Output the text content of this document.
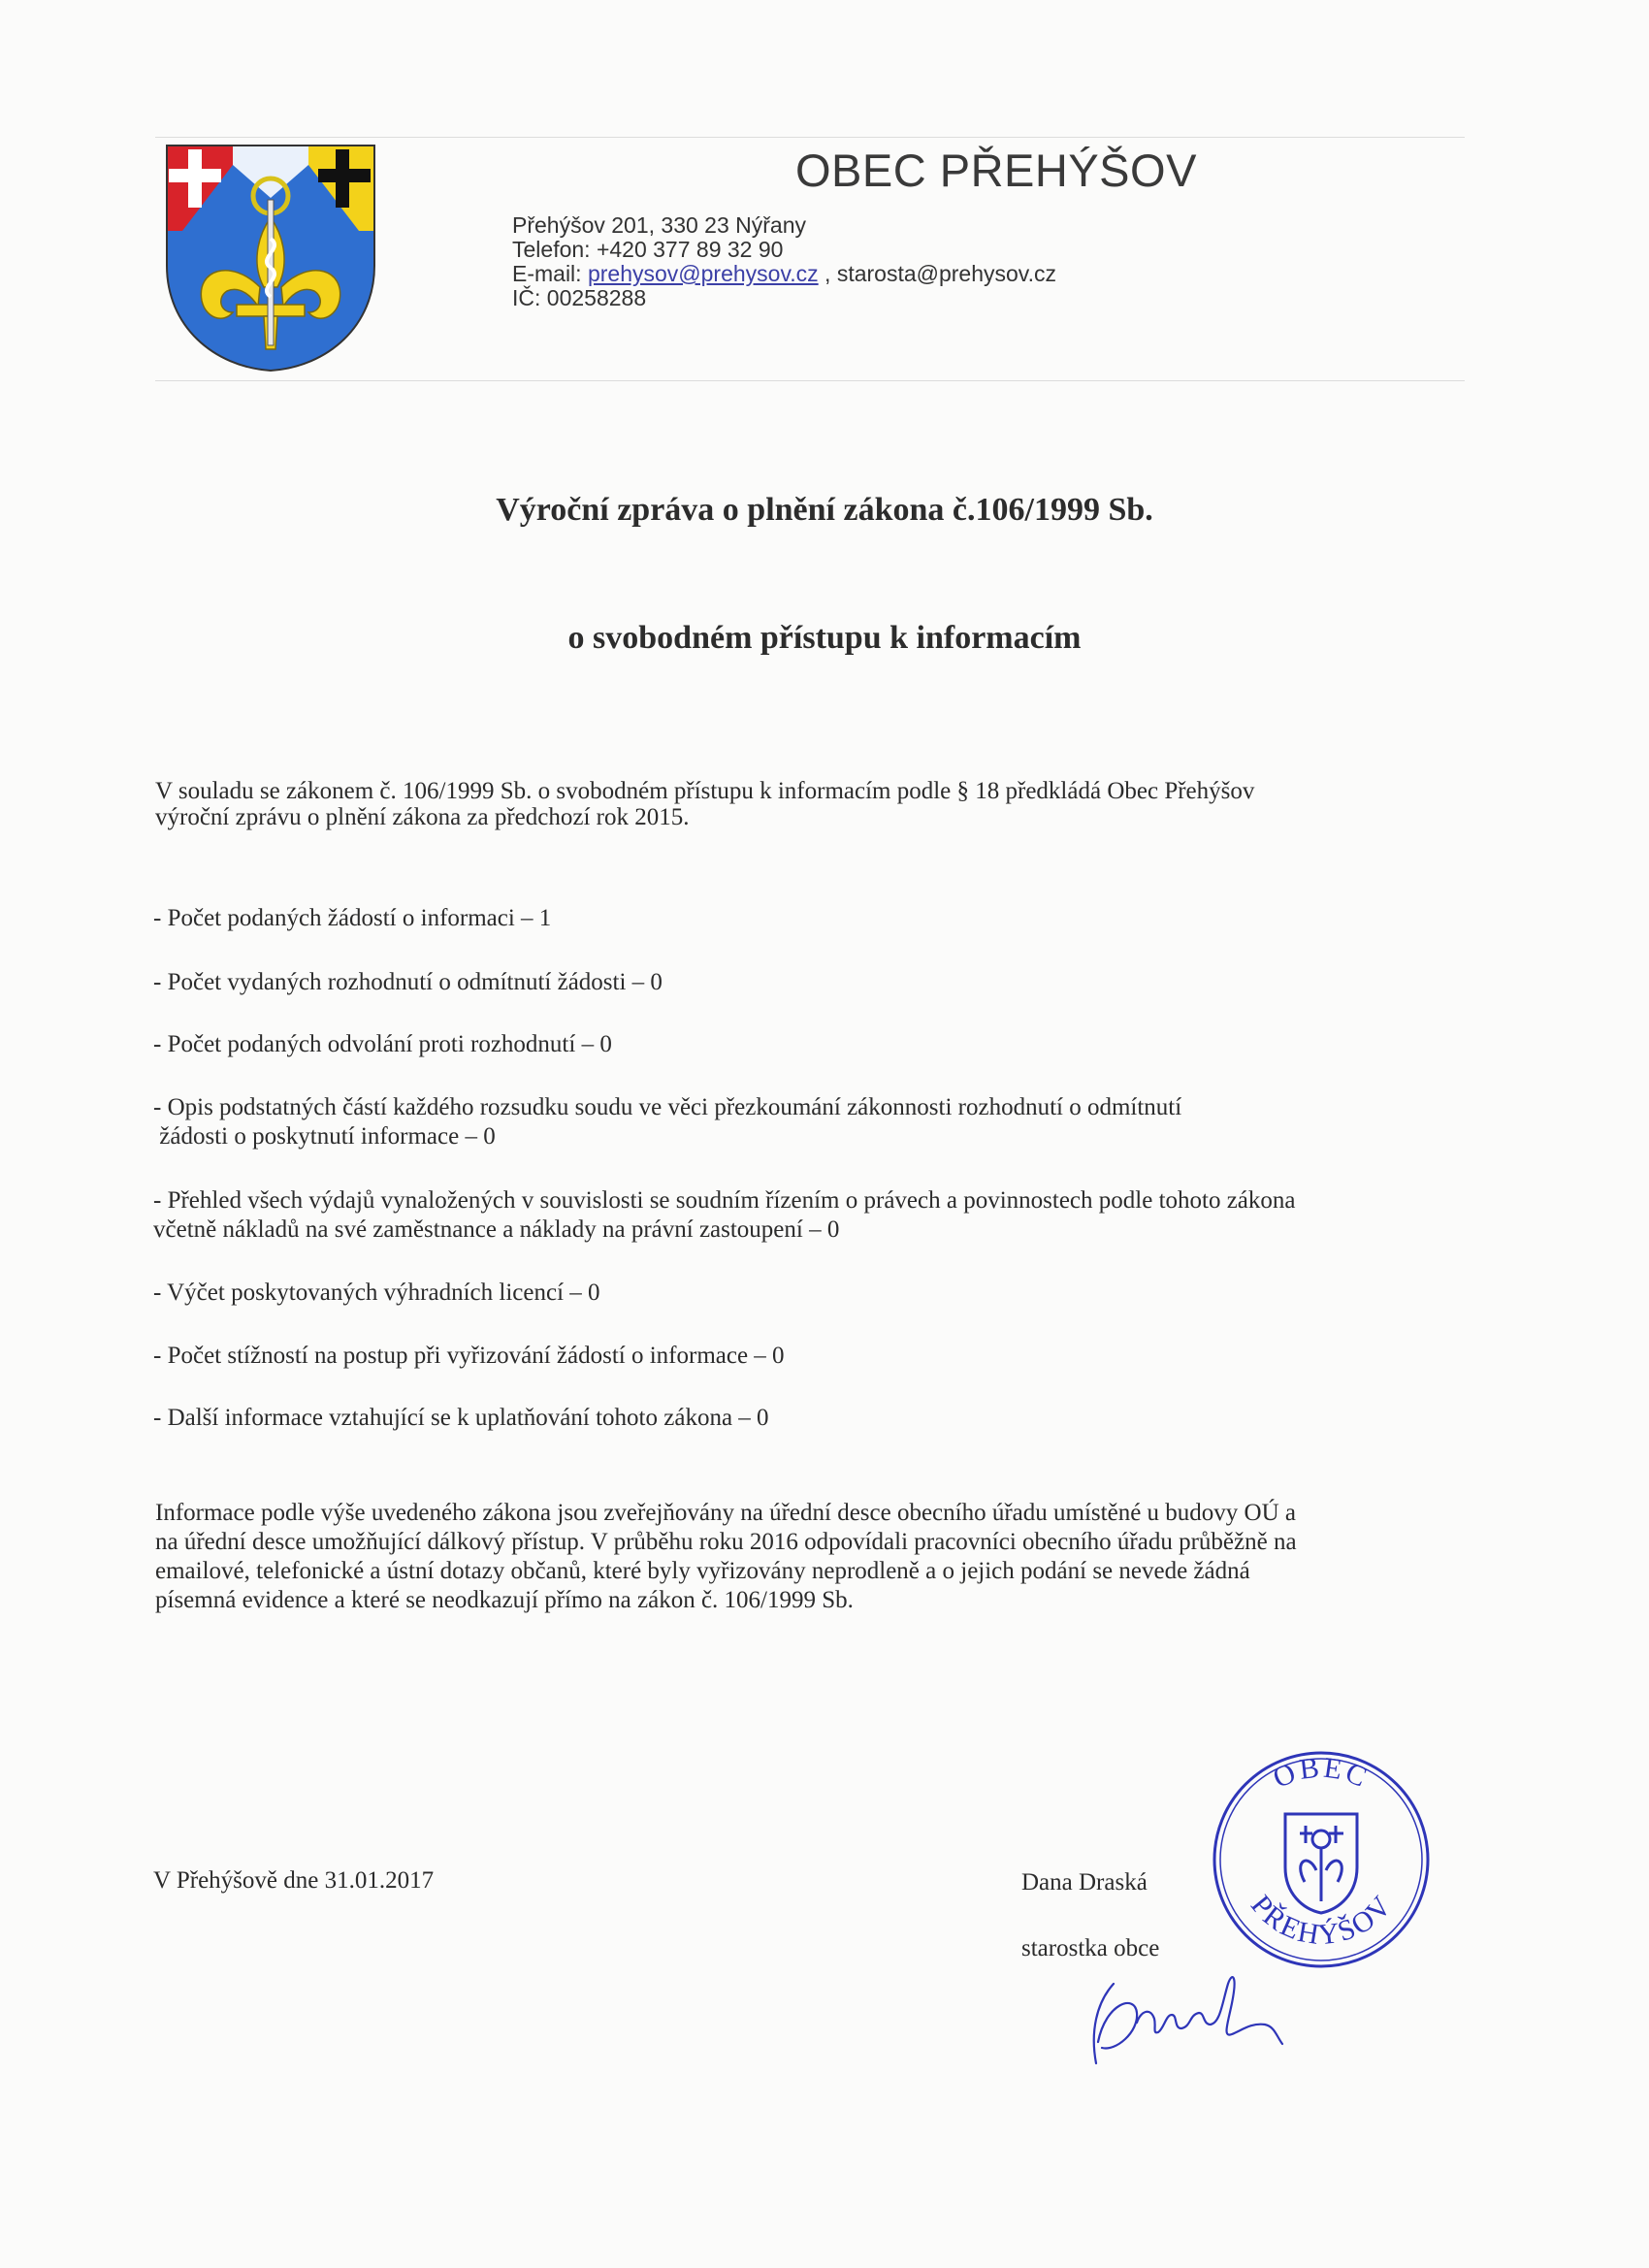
OBEC PŘEHÝŠOV
Přehýšov 201, 330 23 Nýřany
Telefon: +420 377 89 32 90
E-mail: prehysov@prehysov.cz , starosta@prehysov.cz
IČ: 00258288
Výroční zpráva o plnění zákona č.106/1999 Sb.
o svobodném přístupu k informacím
V souladu se zákonem č. 106/1999 Sb. o svobodném přístupu k informacím podle § 18 předkládá Obec Přehýšov
výroční zprávu o plnění zákona za předchozí rok 2015.
- Počet podaných žádostí o informaci – 1
- Počet vydaných rozhodnutí o odmítnutí žádosti – 0
- Počet podaných odvolání proti rozhodnutí – 0
- Opis podstatných částí každého rozsudku soudu ve věci přezkoumání zákonnosti rozhodnutí o odmítnutí
žádosti o poskytnutí informace – 0
- Přehled všech výdajů vynaložených v souvislosti se soudním řízením o právech a povinnostech podle tohoto zákona
včetně nákladů na své zaměstnance a náklady na právní zastoupení – 0
- Výčet poskytovaných výhradních licencí – 0
- Počet stížností na postup při vyřizování žádostí o informace – 0
- Další informace vztahující se k uplatňování tohoto zákona – 0
Informace podle výše uvedeného zákona jsou zveřejňovány na úřední desce obecního úřadu umístěné u budovy OÚ a
na úřední desce umožňující dálkový přístup. V průběhu roku 2016 odpovídali pracovníci obecního úřadu průběžně na
emailové, telefonické a ústní dotazy občanů, které byly vyřizovány neprodleně a o jejich podání se nevede žádná
písemná evidence a které se neodkazují přímo na zákon č. 106/1999 Sb.
V Přehýšově dne 31.01.2017	Dana Draská
starostka obce
OBEC
PŘEHÝŠOV
